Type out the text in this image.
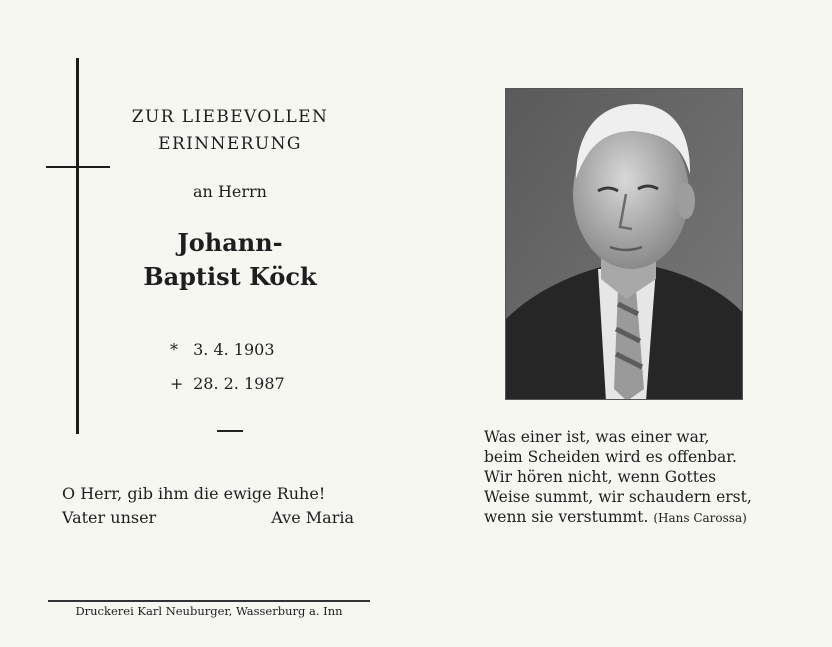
ZUR LIEBEVOLLEN
ERINNERUNG
an Herrn
Johann-
Baptist Köck
* 3. 4. 1903
+ 28. 2. 1987
O Herr, gib ihm die ewige Ruhe!
Vater unser	Ave Maria
Druckerei Karl Neuburger, Wasserburg a. Inn
Was einer ist, was einer war,
beim Scheiden wird es offenbar.
Wir hören nicht, wenn Gottes
Weise summt, wir schaudern erst,
wenn sie verstummt. (Hans Carossa)
